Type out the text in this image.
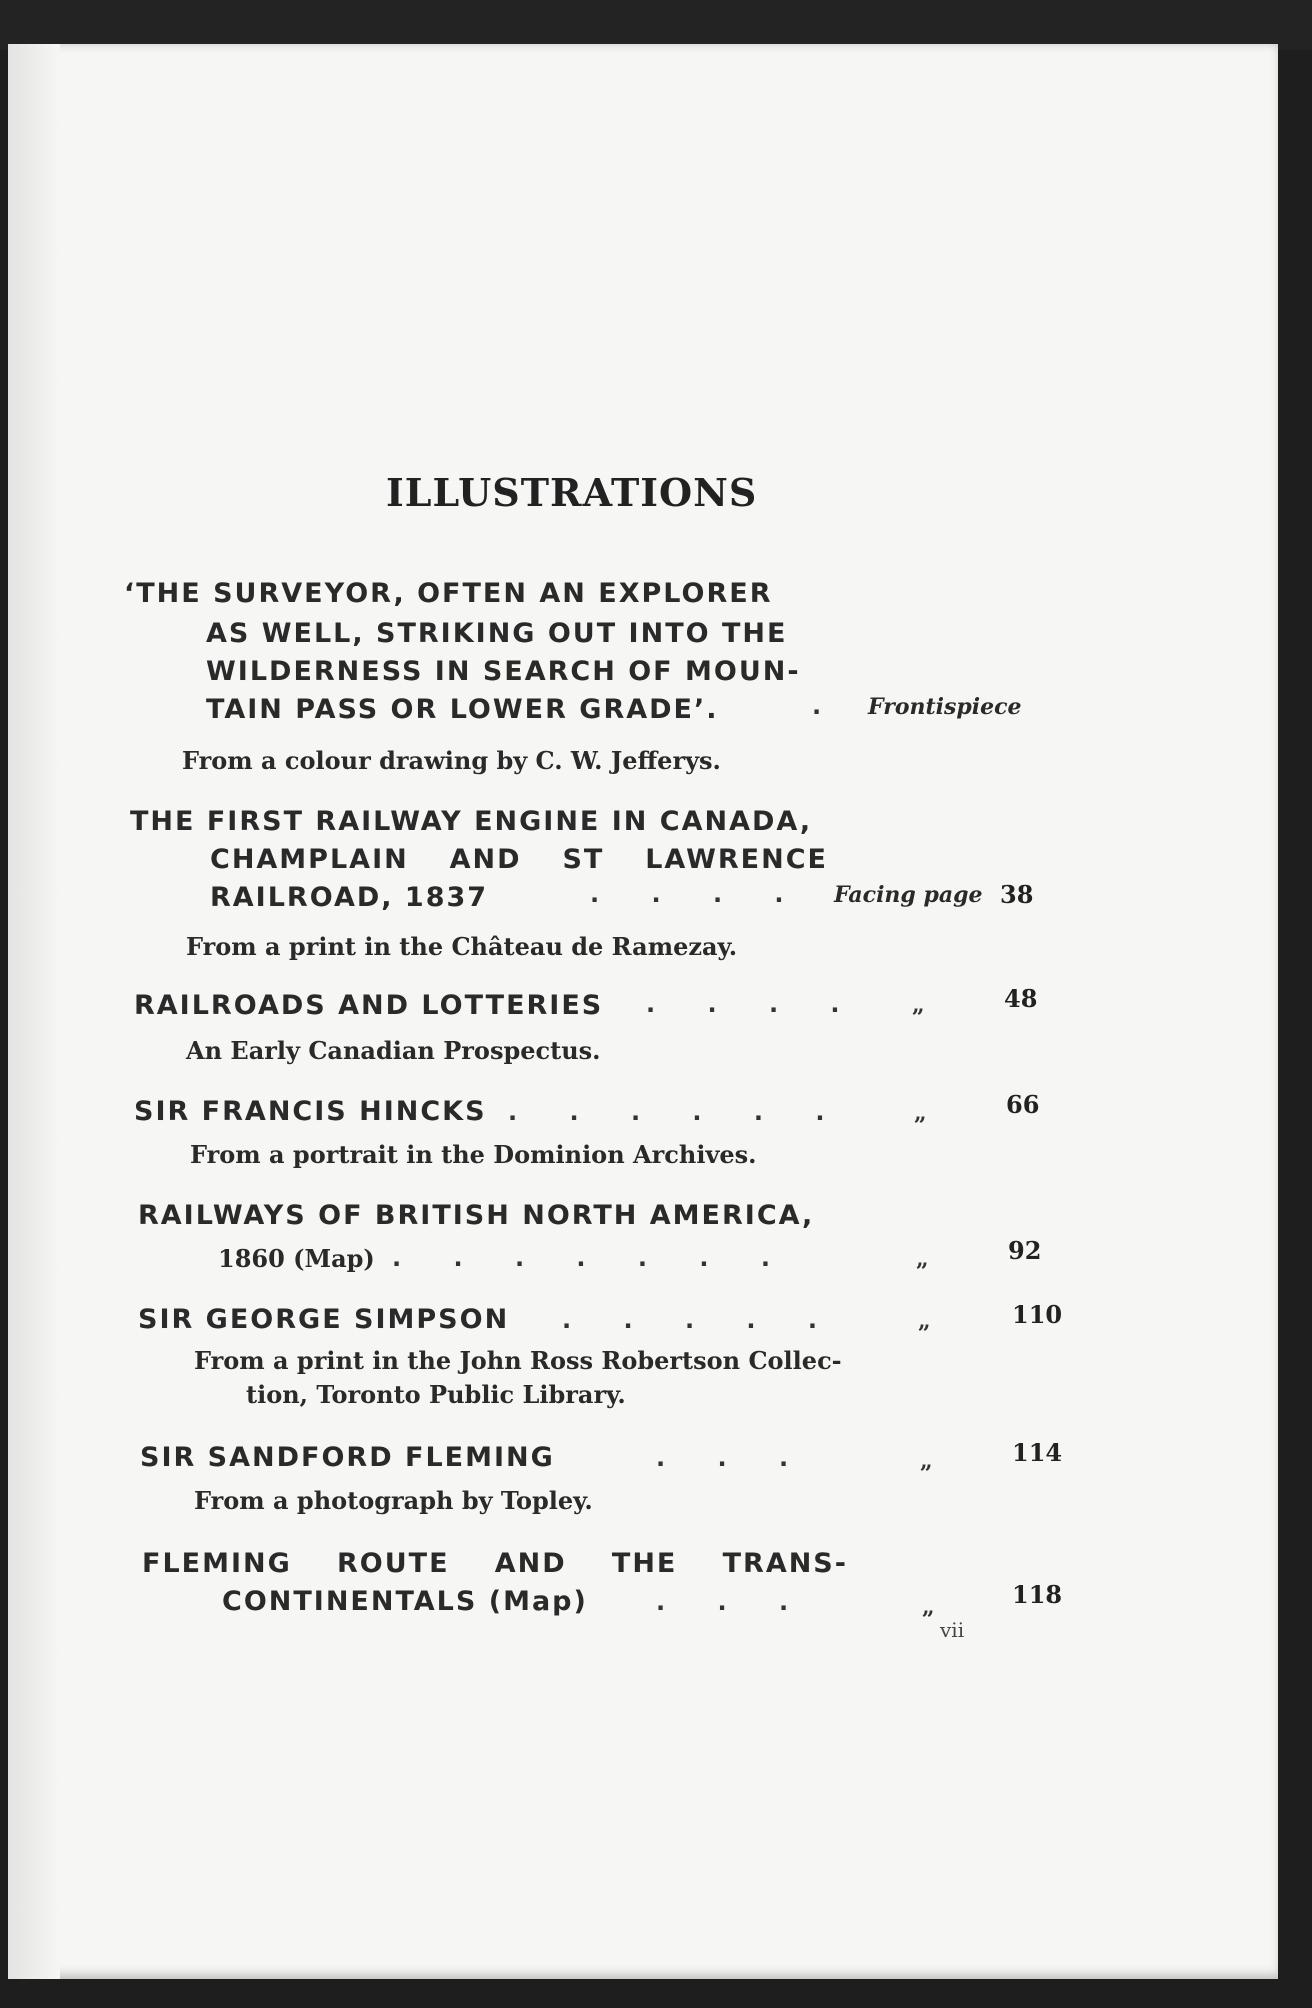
ILLUSTRATIONS
‘THE SURVEYOR, OFTEN AN EXPLORER
AS WELL, STRIKING OUT INTO THE
WILDERNESS IN SEARCH OF MOUN-
TAIN PASS OR LOWER GRADE’.	. Frontispiece
From a colour drawing by C. W. Jefferys.
THE FIRST RAILWAY ENGINE IN CANADA,
CHAMPLAIN AND ST LAWRENCE
RAILROAD, 1837	. . . . Facing page 38
From a print in the Château de Ramezay.
RAILROADS AND LOTTERIES . . . .	„	48
An Early Canadian Prospectus.
SIR FRANCIS HINCKS . . . . . .	„	66
From a portrait in the Dominion Archives.
RAILWAYS OF BRITISH NORTH AMERICA,
1860 (Map) . . . . . . .	„	92
SIR GEORGE SIMPSON . . . . .	„	110
From a print in the John Ross Robertson Collec-
tion, Toronto Public Library.
SIR SANDFORD FLEMING	. . .	„	114
From a photograph by Topley.
FLEMING ROUTE AND THE TRANS-
CONTINENTALS (Map)	. . .	„	118
vii
